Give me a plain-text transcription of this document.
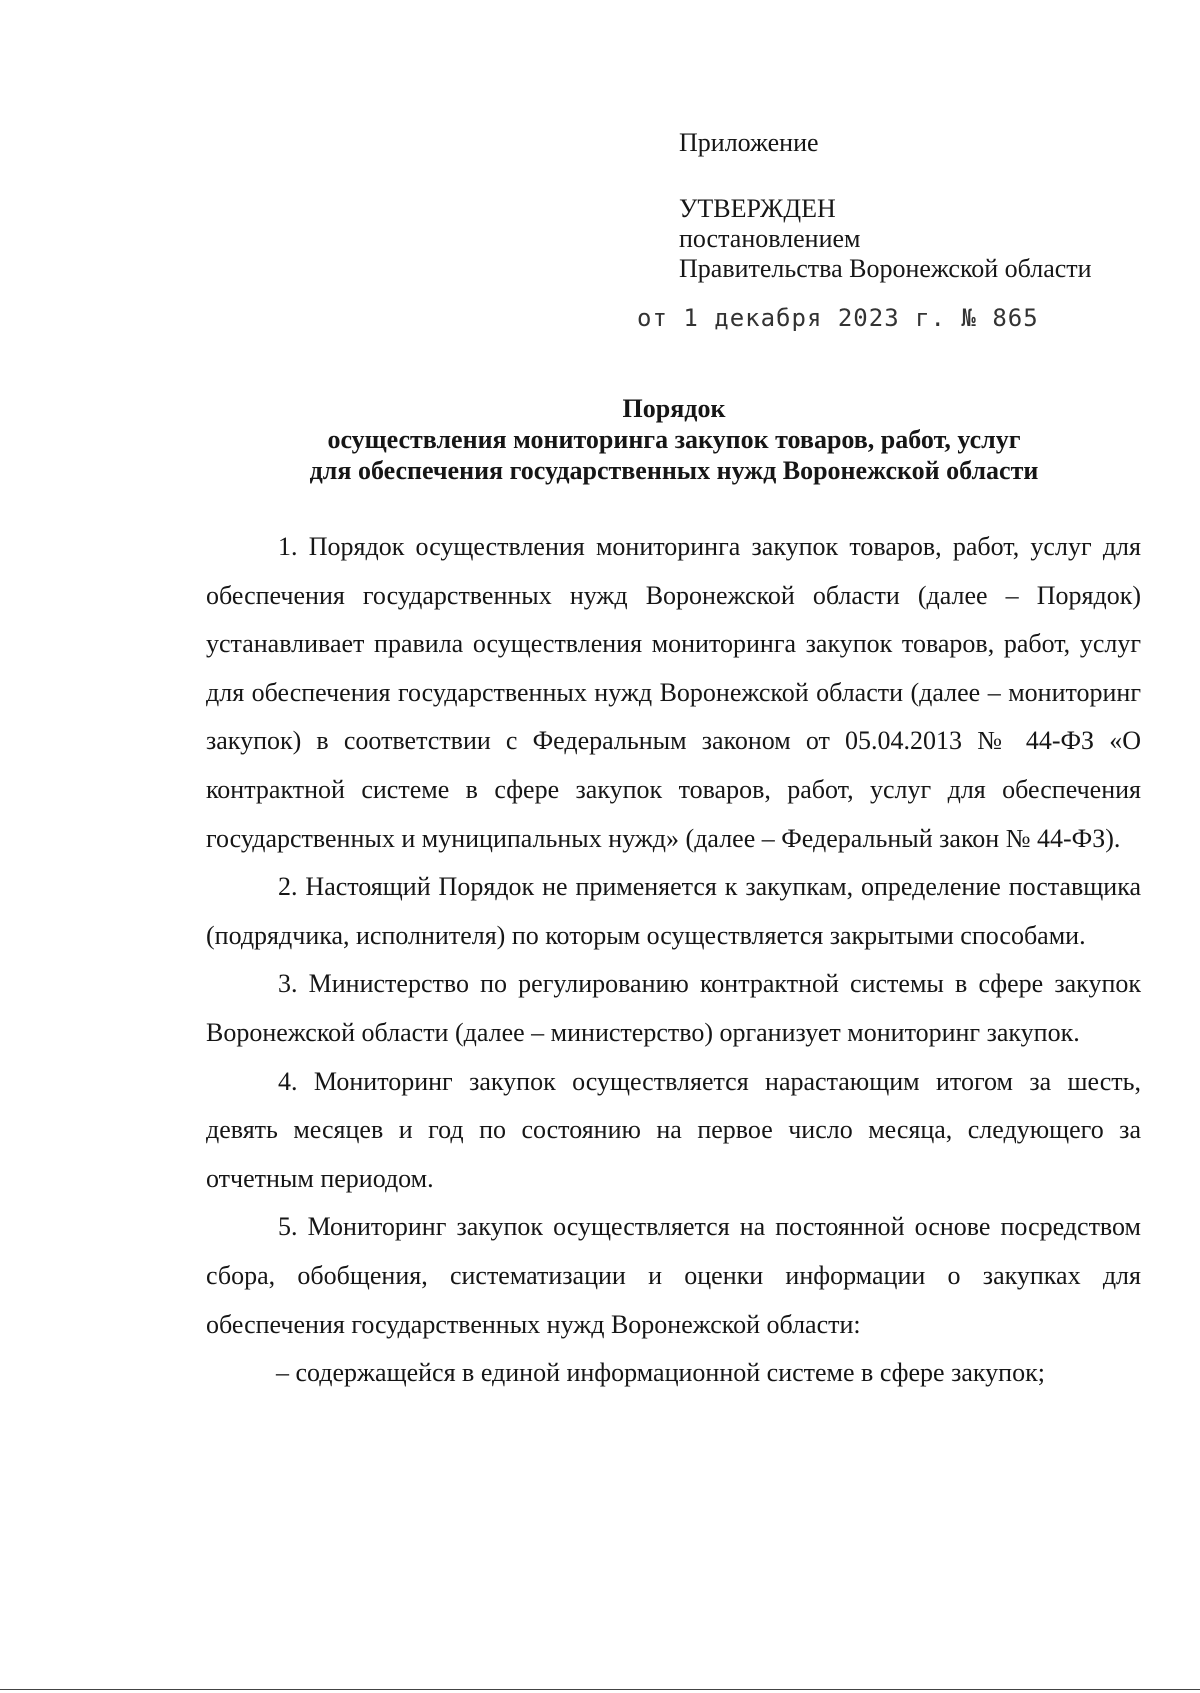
Приложение
УТВЕРЖДЕН
постановлением
Правительства Воронежской области
от 1 декабря 2023 г. № 865
Порядок
осуществления мониторинга закупок товаров, работ, услуг
для обеспечения государственных нужд Воронежской области

1. Порядок осуществления мониторинга закупок товаров, работ, услуг для обеспечения государственных нужд Воронежской области (далее – Порядок) устанавливает правила осуществления мониторинга закупок товаров, работ, услуг для обеспечения государственных нужд Воронежской области (далее – мониторинг закупок) в соответствии с Федеральным законом от 05.04.2013 № 44-ФЗ «О контрактной системе в сфере закупок товаров, работ, услуг для обеспечения государственных и муниципальных нужд» (далее – Федеральный закон № 44-ФЗ).

2. Настоящий Порядок не применяется к закупкам, определение поставщика (подрядчика, исполнителя) по которым осуществляется закрытыми способами.

3. Министерство по регулированию контрактной системы в сфере закупок Воронежской области (далее – министерство) организует мониторинг закупок.

4. Мониторинг закупок осуществляется нарастающим итогом за шесть, девять месяцев и год по состоянию на первое число месяца, следующего за отчетным периодом.

5. Мониторинг закупок осуществляется на постоянной основе посредством сбора, обобщения, систематизации и оценки информации о закупках для обеспечения государственных нужд Воронежской области:

– содержащейся в единой информационной системе в сфере закупок;
